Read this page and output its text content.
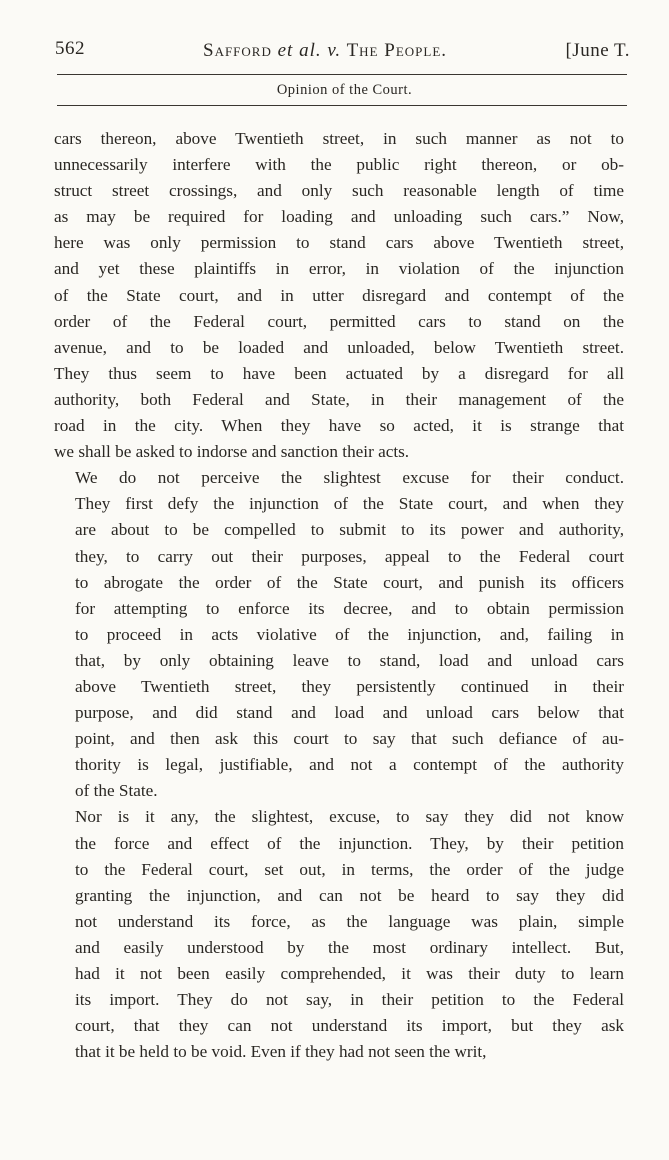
562	Safford et al. v. The People.	[June T.
Opinion of the Court.

cars thereon, above Twentieth street, in such manner as not to
unnecessarily interfere with the public right thereon, or ob-
struct street crossings, and only such reasonable length of time
as may be required for loading and unloading such cars.” Now,
here was only permission to stand cars above Twentieth street,
and yet these plaintiffs in error, in violation of the injunction
of the State court, and in utter disregard and contempt of the
order of the Federal court, permitted cars to stand on the
avenue, and to be loaded and unloaded, below Twentieth street.
They thus seem to have been actuated by a disregard for all
authority, both Federal and State, in their management of the
road in the city. When they have so acted, it is strange that
we shall be asked to indorse and sanction their acts.

We do not perceive the slightest excuse for their conduct.
They first defy the injunction of the State court, and when they
are about to be compelled to submit to its power and authority,
they, to carry out their purposes, appeal to the Federal court
to abrogate the order of the State court, and punish its officers
for attempting to enforce its decree, and to obtain permission
to proceed in acts violative of the injunction, and, failing in
that, by only obtaining leave to stand, load and unload cars
above Twentieth street, they persistently continued in their
purpose, and did stand and load and unload cars below that
point, and then ask this court to say that such defiance of au-
thority is legal, justifiable, and not a contempt of the authority
of the State.

Nor is it any, the slightest, excuse, to say they did not know
the force and effect of the injunction. They, by their petition
to the Federal court, set out, in terms, the order of the judge
granting the injunction, and can not be heard to say they did
not understand its force, as the language was plain, simple
and easily understood by the most ordinary intellect. But,
had it not been easily comprehended, it was their duty to learn
its import. They do not say, in their petition to the Federal
court, that they can not understand its import, but they ask
that it be held to be void. Even if they had not seen the writ,
